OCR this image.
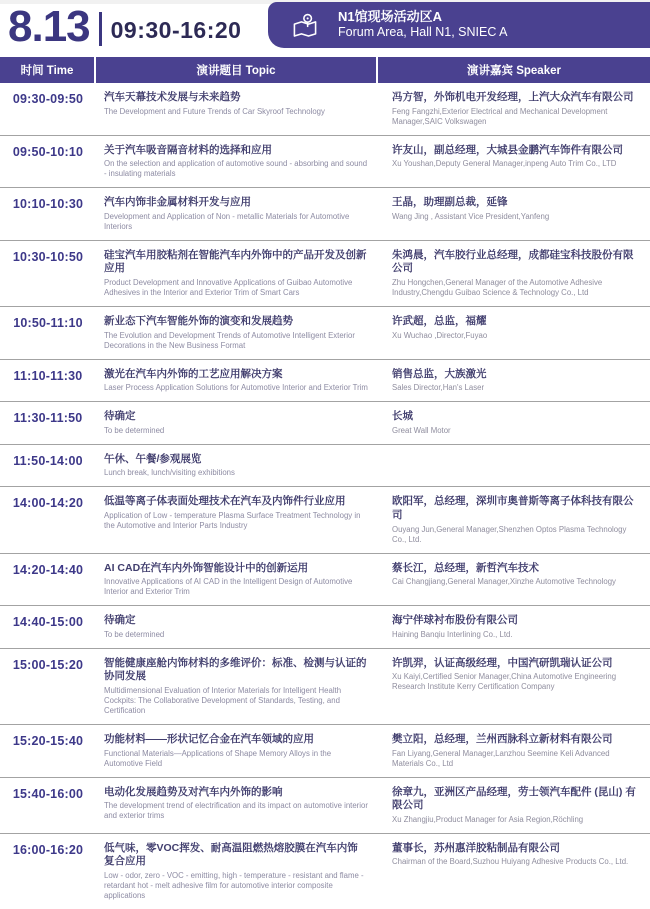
8.13 09:30-16:20	N1馆现场活动区A
Forum Area, Hall N1, SNIEC A
时间 Time	演讲题目 Topic	演讲嘉宾 Speaker
09:30-09:50	汽车天幕技术发展与未来趋势
The Development and Future Trends of Car Skyroof Technology
冯方智，外饰机电开发经理，上汽大众汽车有限公司
Feng Fangzhi,Exterior Electrical and Mechanical Development Manager,SAIC Volkswagen
09:50-10:10	关于汽车吸音隔音材料的选择和应用
On the selection and application of automotive sound - absorbing and sound - insulating materials
许友山，副总经理，大城县金鹏汽车饰件有限公司
Xu Youshan,Deputy General Manager,inpeng Auto Trim Co., LTD
10:10-10:30	汽车内饰非金属材料开发与应用
Development and Application of Non - metallic Materials for Automotive Interiors
王晶，助理副总裁，延锋
Wang Jing , Assistant Vice President,Yanfeng
10:30-10:50	硅宝汽车用胶粘剂在智能汽车内外饰中的产品开发及创新应用
Product Development and Innovative Applications of Guibao Automotive Adhesives in the Interior and Exterior Trim of Smart Cars
朱鸿晨，汽车胶行业总经理，成都硅宝科技股份有限公司
Zhu Hongchen,General Manager of the Automotive Adhesive Industry,Chengdu Guibao Science & Technology Co., Ltd
10:50-11:10	新业态下汽车智能外饰的演变和发展趋势
The Evolution and Development Trends of Automotive Intelligent Exterior Decorations in the New Business Format
许武超，总监，福耀
Xu Wuchao ,Director,Fuyao
11:10-11:30	激光在汽车内外饰的工艺应用解决方案
Laser Process Application Solutions for Automotive Interior and Exterior Trim
销售总监，大族激光
Sales Director,Han's Laser
11:30-11:50	待确定
To be determined
长城
Great Wall Motor
11:50-14:00	午休、午餐/参观展览
Lunch break, lunch/visiting exhibitions
14:00-14:20	低温等离子体表面处理技术在汽车及内饰件行业应用
Application of Low - temperature Plasma Surface Treatment Technology in the Automotive and Interior Parts Industry
欧阳军，总经理，深圳市奥普斯等离子体科技有限公司
Ouyang Jun,General Manager,Shenzhen Optos Plasma Technology Co., Ltd.
14:20-14:40	AI CAD在汽车内外饰智能设计中的创新运用
Innovative Applications of AI CAD in the Intelligent Design of Automotive Interior and Exterior Trim
蔡长江，总经理，新哲汽车技术
Cai Changjiang,General Manager,Xinzhe Automotive Technology
14:40-15:00	待确定
To be determined
海宁伴球衬布股份有限公司
Haining Banqiu Interlining Co., Ltd.
15:00-15:20	智能健康座舱内饰材料的多维评价：标准、检测与认证的协同发展
Multidimensional Evaluation of Interior Materials for Intelligent Health Cockpits: The Collaborative Development of Standards, Testing, and Certification
许凯羿，认证高级经理，中国汽研凯瑞认证公司
Xu Kaiyi,Certified Senior Manager,China Automotive Engineering Research Institute Kerry Certification Company
15:20-15:40	功能材料——形状记忆合金在汽车领域的应用
Functional Materials—Applications of Shape Memory Alloys in the Automotive Field
樊立阳，总经理，兰州西脉科立新材料有限公司
Fan Liyang,General Manager,Lanzhou Seemine Keli Advanced Materials Co., Ltd
15:40-16:00	电动化发展趋势及对汽车内外饰的影响
The development trend of electrification and its impact on automotive interior and exterior trims
徐章九，亚洲区产品经理，劳士领汽车配件 (昆山) 有限公司
Xu Zhangjiu,Product Manager for Asia Region,Röchling
16:00-16:20	低气味，零VOC挥发、耐高温阻燃热熔胶膜在汽车内饰复合应用
Low - odor, zero - VOC - emitting, high - temperature - resistant and flame - retardant hot - melt adhesive film for automotive interior composite applications
董事长，苏州惠洋胶粘制品有限公司
Chairman of the Board,Suzhou Huiyang Adhesive Products Co., Ltd.
